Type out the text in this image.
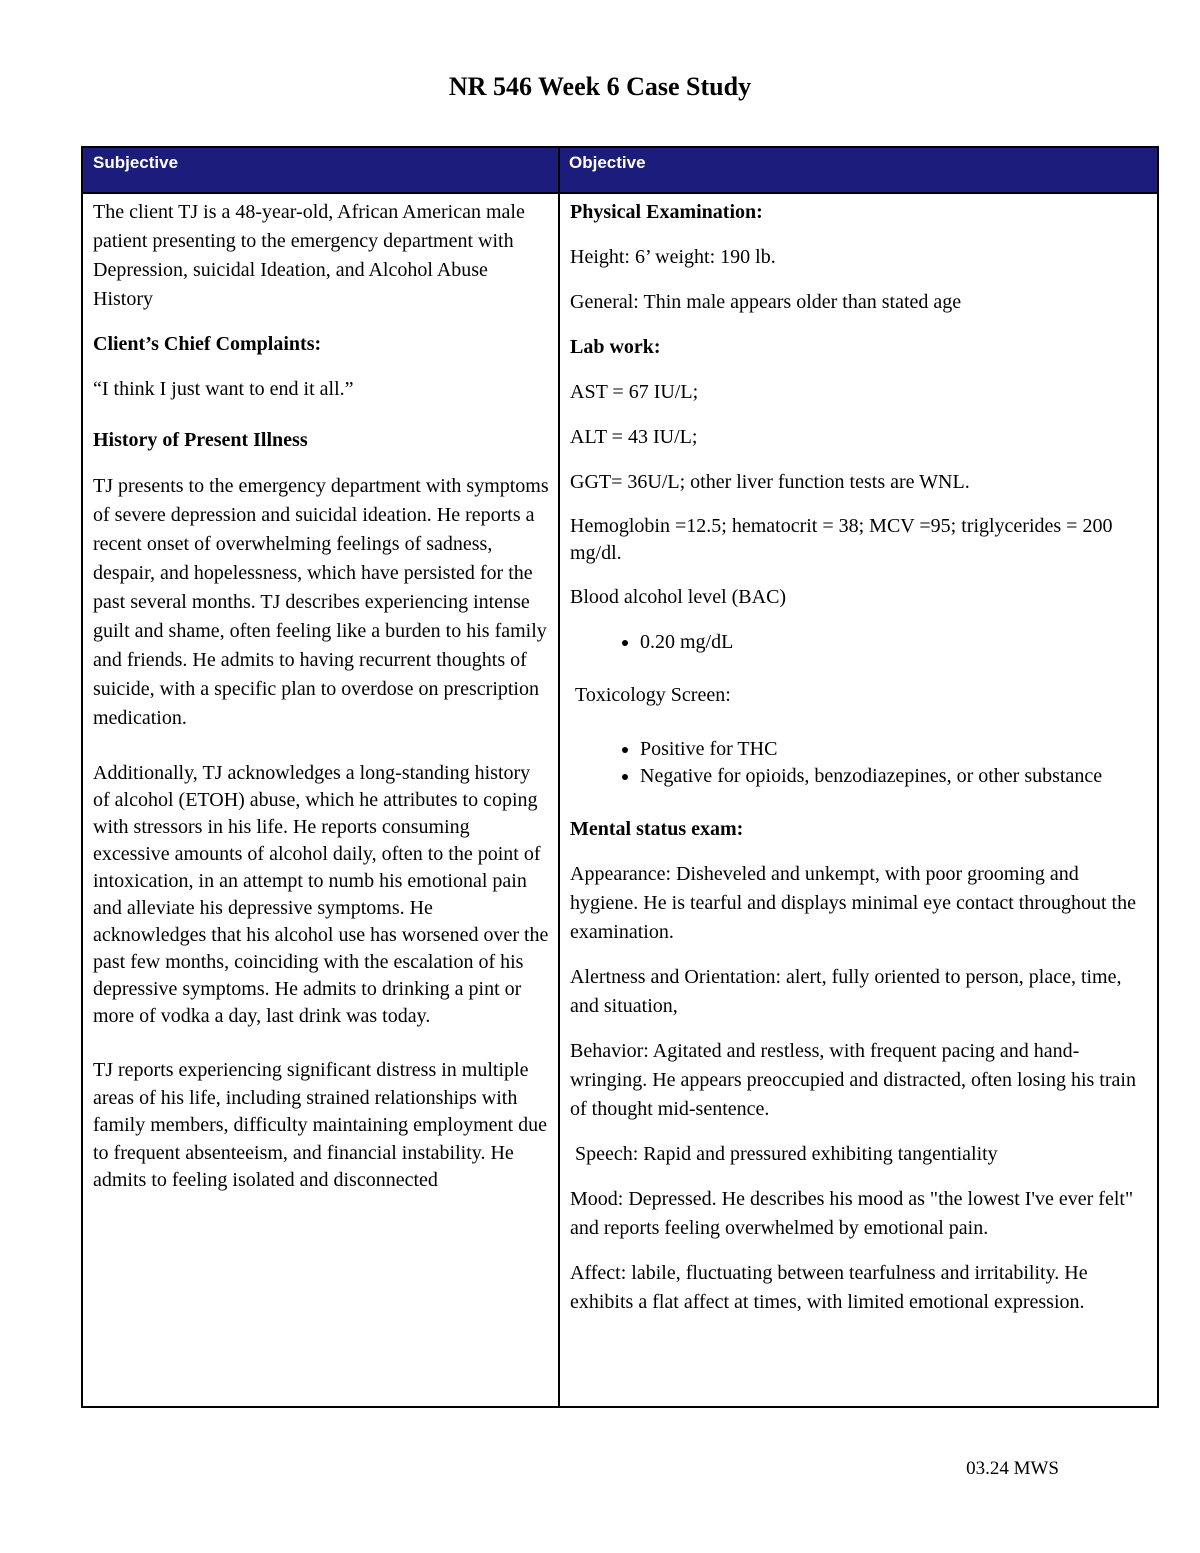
NR 546 Week 6 Case Study
Subjective	Objective

The client TJ is a 48-year-old, African American male patient presenting to the emergency department with Depression, suicidal Ideation, and Alcohol Abuse History

Client’s Chief Complaints:

“I think I just want to end it all.”

History of Present Illness

TJ presents to the emergency department with symptoms of severe depression and suicidal ideation. He reports a recent onset of overwhelming feelings of sadness, despair, and hopelessness, which have persisted for the past several months. TJ describes experiencing intense guilt and shame, often feeling like a burden to his family and friends. He admits to having recurrent thoughts of suicide, with a specific plan to overdose on prescription medication.

Additionally, TJ acknowledges a long-standing history of alcohol (ETOH) abuse, which he attributes to coping with stressors in his life. He reports consuming excessive amounts of alcohol daily, often to the point of intoxication, in an attempt to numb his emotional pain and alleviate his depressive symptoms. He acknowledges that his alcohol use has worsened over the past few months, coinciding with the escalation of his depressive symptoms. He admits to drinking a pint or more of vodka a day, last drink was today.

TJ reports experiencing significant distress in multiple areas of his life, including strained relationships with family members, difficulty maintaining employment due to frequent absenteeism, and financial instability. He admits to feeling isolated and disconnected

Physical Examination:

Height: 6’ weight: 190 lb.

General: Thin male appears older than stated age

Lab work:

AST = 67 IU/L;

ALT = 43 IU/L;

GGT= 36U/L; other liver function tests are WNL.

Hemoglobin =12.5; hematocrit = 38; MCV =95; triglycerides = 200 mg/dl.

Blood alcohol level (BAC)

• 0.20 mg/dL

Toxicology Screen:

• Positive for THC
• Negative for opioids, benzodiazepines, or other substance

Mental status exam:

Appearance: Disheveled and unkempt, with poor grooming and hygiene. He is tearful and displays minimal eye contact throughout the examination.

Alertness and Orientation: alert, fully oriented to person, place, time, and situation,

Behavior: Agitated and restless, with frequent pacing and hand-wringing. He appears preoccupied and distracted, often losing his train of thought mid-sentence.

Speech: Rapid and pressured exhibiting tangentiality

Mood: Depressed. He describes his mood as "the lowest I've ever felt" and reports feeling overwhelmed by emotional pain.

Affect: labile, fluctuating between tearfulness and irritability. He exhibits a flat affect at times, with limited emotional expression.

03.24 MWS
